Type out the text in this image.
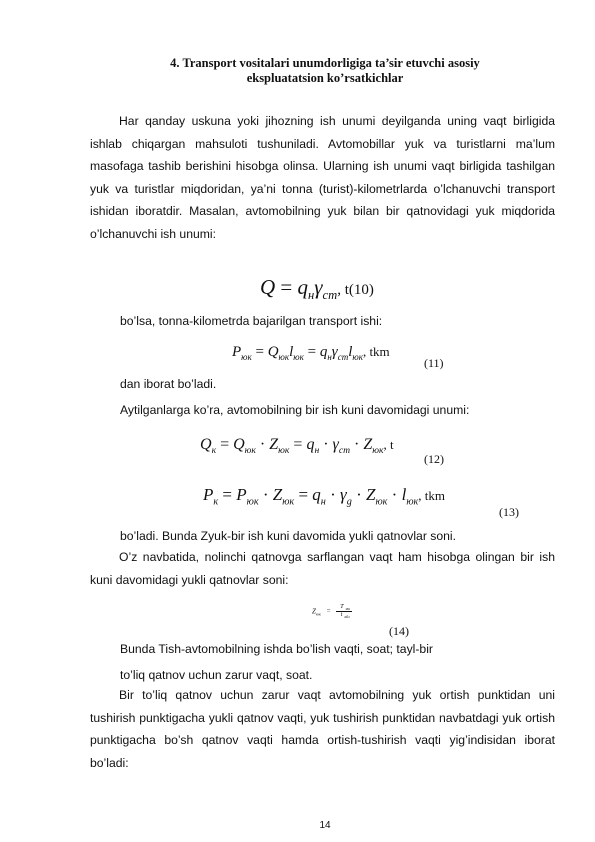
4. Transport vositalari unumdorligiga ta’sir etuvchi asosiy
ekspluatatsion ko’rsatkichlar

Har qanday uskuna yoki jihozning ish unumi deyilganda uning vaqt birligida ishlab chiqargan mahsuloti tushuniladi. Avtomobillar yuk va turistlarni ma’lum masofaga tashib berishini hisobga olinsa. Ularning ish unumi vaqt birligida tashilgan yuk va turistlar miqdoridan, ya’ni tonna (turist)-kilometrlarda o’lchanuvchi transport ishidan iboratdir. Masalan, avtomobilning yuk bilan bir qatnovidagi yuk miqdorida o’lchanuvchi ish unumi:

$Q = q_н\gamma_{cm}$, t(10)
bo’lsa, tonna-kilometrda bajarilgan transport ishi:
$P_{юк} = Q_{юк}l_{юк} = q_н\gamma_{cm}l_{юк}$, tkm
(11)
dan iborat bo’ladi.
Aytilganlarga ko’ra, avtomobilning bir ish kuni davomidagi unumi:
$Q_к = Q_{юк} \cdot Z_{юк} = q_н \cdot \gamma_{cm} \cdot Z_{юк}$, t
(12)
$P_к = P_{юк} \cdot Z_{юк} = q_н \cdot \gamma_g \cdot Z_{юк} \cdot l_{юк}$, tkm
(13)
bo’ladi. Bunda Zyuk-bir ish kuni davomida yukli qatnovlar soni.

O’z navbatida, nolinchi qatnovga sarflangan vaqt ham hisobga olingan bir ish kuni davomidagi yukli qatnovlar soni:

$Z_{юк} = \frac{T _{иш}}{t _{айл}}$
(14)
Bunda Tish-avtomobilning ishda bo’lish vaqti, soat; tayl-bir
to’liq qatnov uchun zarur vaqt, soat.

Bir to’liq qatnov uchun zarur vaqt avtomobilning yuk ortish punktidan uni tushirish punktigacha yukli qatnov vaqti, yuk tushirish punktidan navbatdagi yuk ortish punktigacha bo’sh qatnov vaqti hamda ortish-tushirish vaqti yig’indisidan iborat bo’ladi:

14
